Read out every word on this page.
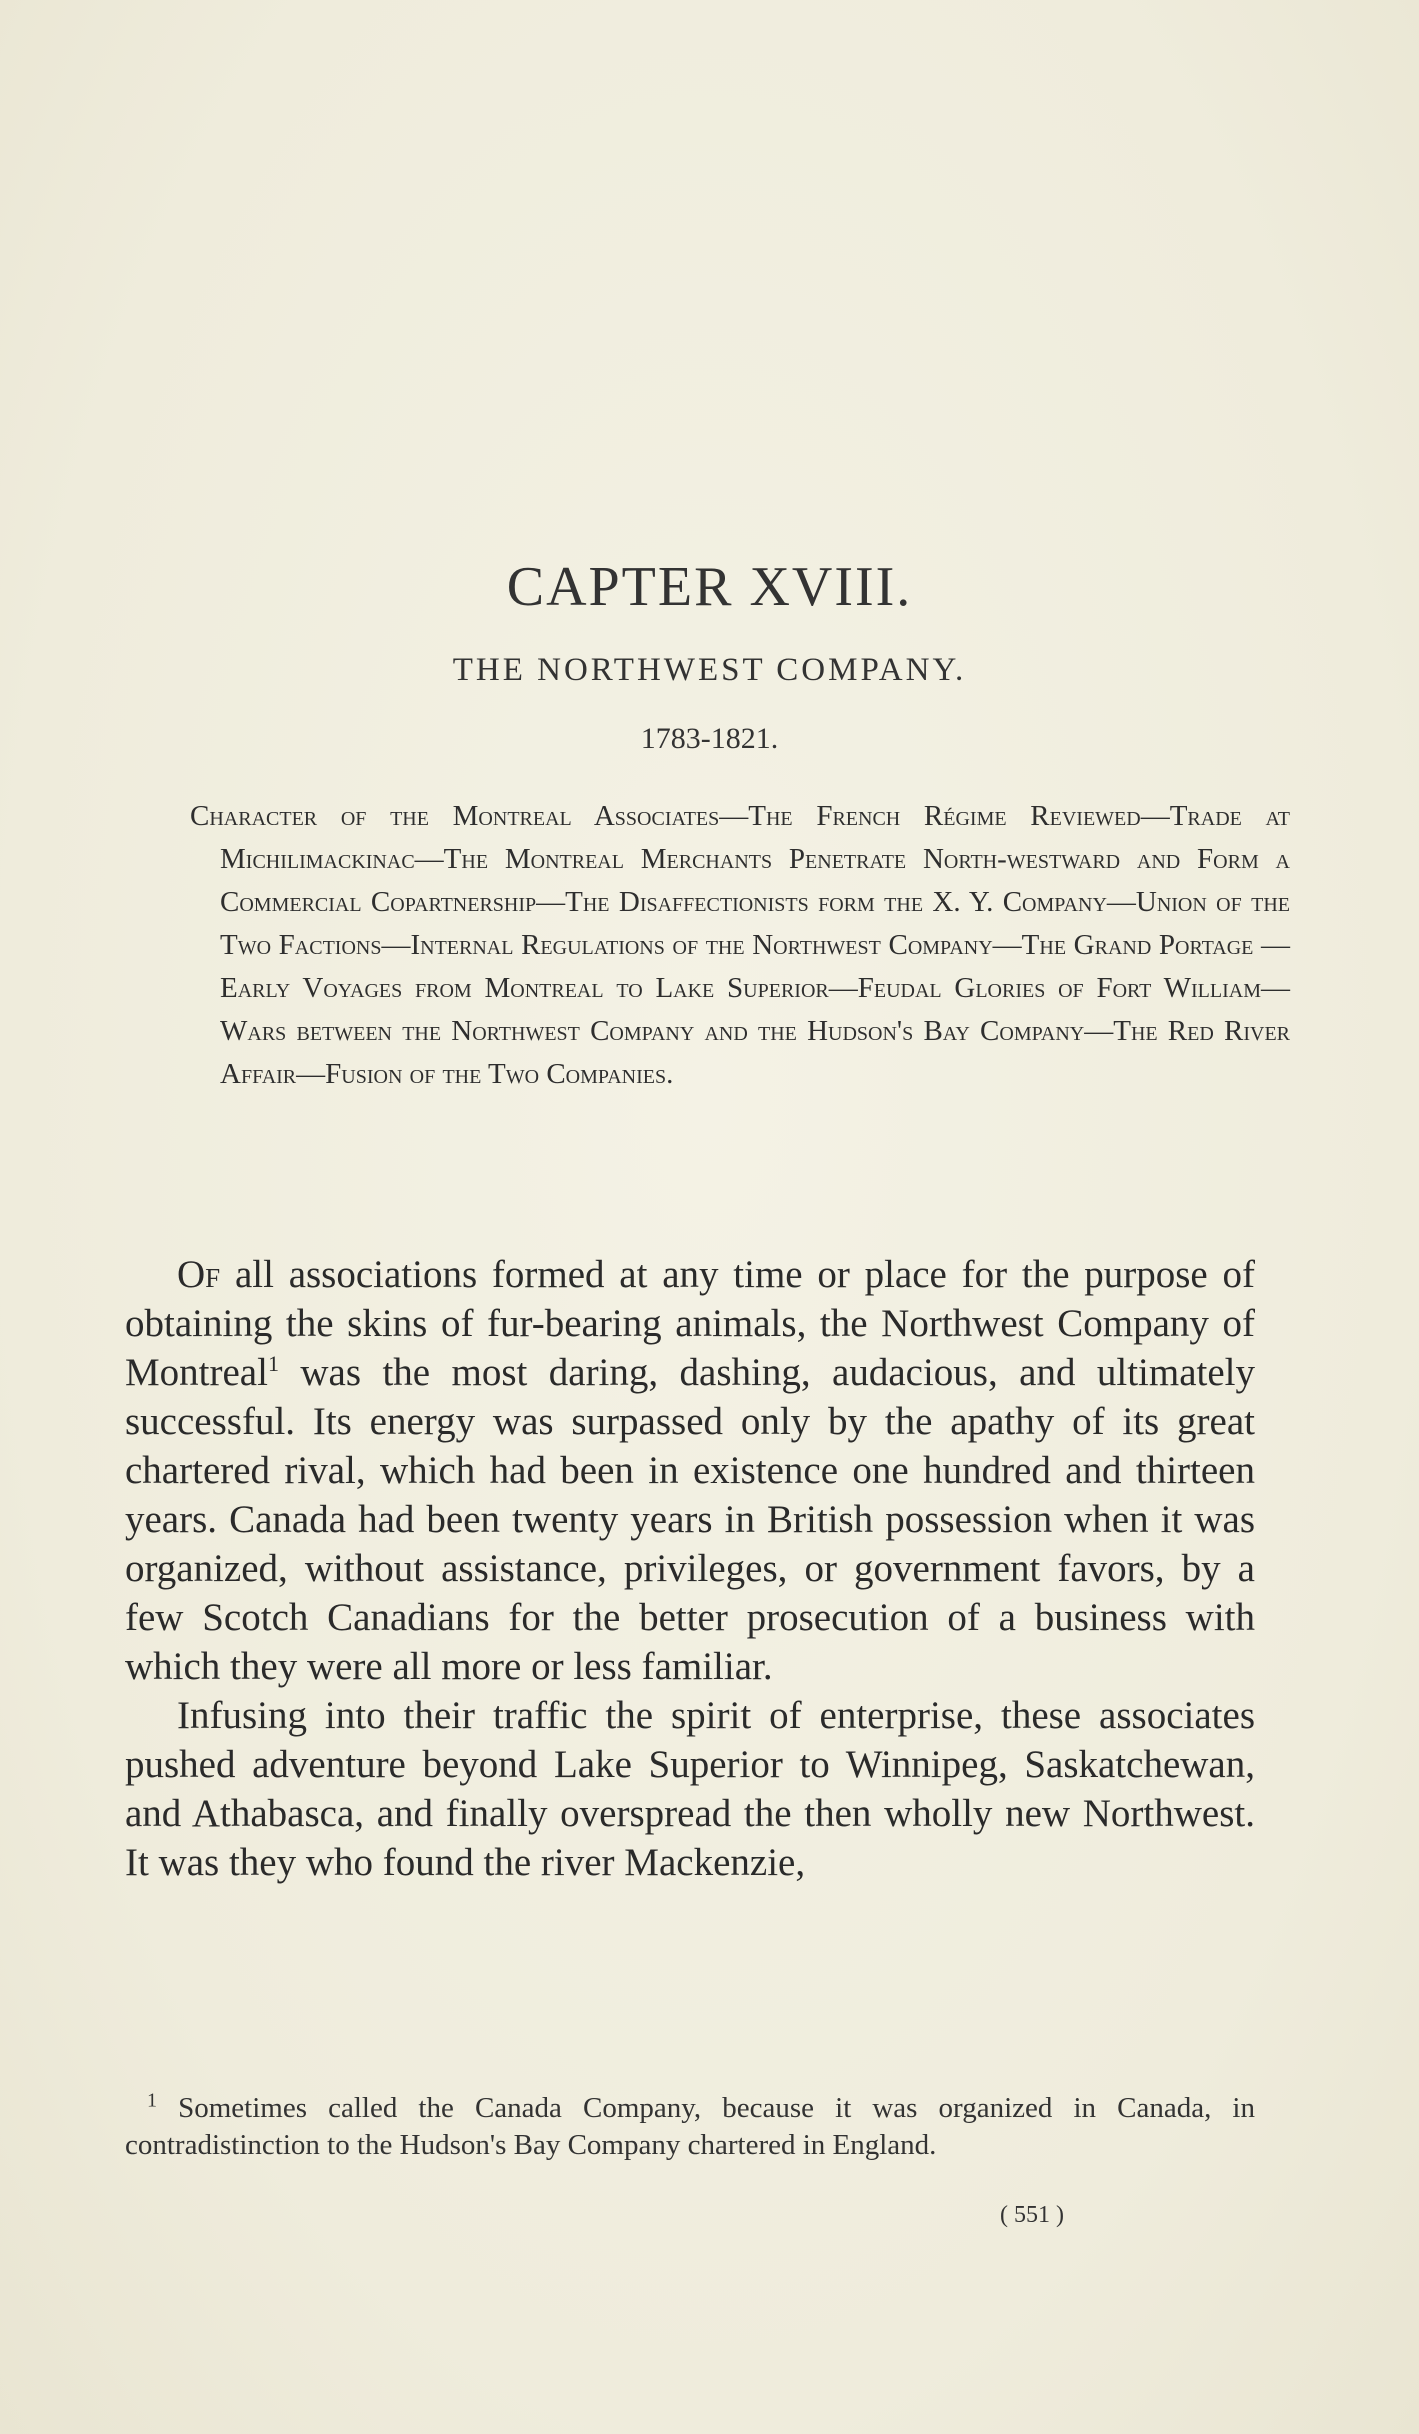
CAPTER XVIII.
THE NORTHWEST COMPANY.
1783-1821.
Character of the Montreal Associates—The French Régime Reviewed—Trade at Michilimackinac—The Montreal Merchants Penetrate North-westward and Form a Commercial Copartnership—The Disaffectionists form the X. Y. Company—Union of the Two Factions—Internal Regulations of the Northwest Company—The Grand Portage — Early Voyages from Montreal to Lake Superior—Feudal Glories of Fort William—Wars between the Northwest Company and the Hudson's Bay Company—The Red River Affair—Fusion of the Two Companies.

Of all associations formed at any time or place for the purpose of obtaining the skins of fur-bearing animals, the Northwest Company of Montreal$^1$ was the most daring, dashing, audacious, and ultimately successful. Its energy was surpassed only by the apathy of its great chartered rival, which had been in existence one hundred and thirteen years. Canada had been twenty years in British possession when it was organized, without assistance, privileges, or government favors, by a few Scotch Canadians for the better prosecution of a business with which they were all more or less familiar.

Infusing into their traffic the spirit of enterprise, these associates pushed adventure beyond Lake Superior to Winnipeg, Saskatchewan, and Athabasca, and finally overspread the then wholly new Northwest. It was they who found the river Mackenzie,

$^1$ Sometimes called the Canada Company, because it was organized in Canada, in contradistinction to the Hudson's Bay Company chartered in England.
( 551 )
